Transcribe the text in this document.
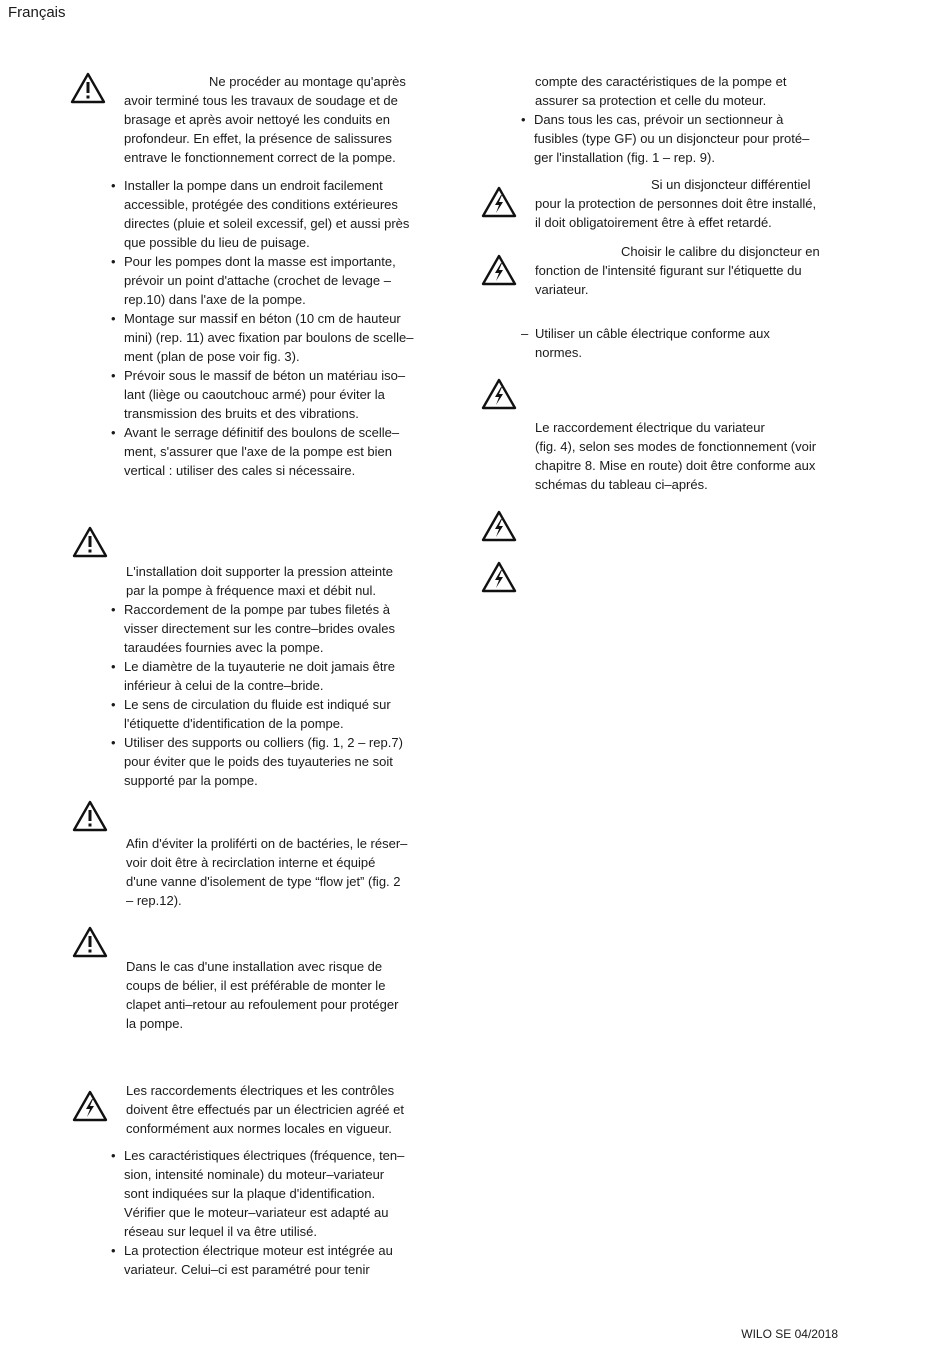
Français

Ne procéder au montage qu'après

avoir terminé tous les travaux de soudage et de

brasage et après avoir nettoyé les conduits en

profondeur. En effet, la présence de salissures

entrave le fonctionnement correct de la pompe.

• Installer la pompe dans un endroit facilement

accessible, protégée des conditions extérieures

directes (pluie et soleil excessif, gel) et aussi près

que possible du lieu de puisage.

• Pour les pompes dont la masse est importante,

prévoir un point d'attache (crochet de levage –

rep.10) dans l'axe de la pompe.

• Montage sur massif en béton (10 cm de hauteur

mini) (rep. 11) avec fixation par boulons de scelle–

ment (plan de pose voir fig. 3).

• Prévoir sous le massif de béton un matériau iso–

lant (liège ou caoutchouc armé) pour éviter la

transmission des bruits et des vibrations.

• Avant le serrage définitif des boulons de scelle–

ment, s'assurer que l'axe de la pompe est bien

vertical : utiliser des cales si nécessaire.

L'installation doit supporter la pression atteinte

par la pompe à fréquence maxi et débit nul.

• Raccordement de la pompe par tubes filetés à

visser directement sur les contre–brides ovales

taraudées fournies avec la pompe.

• Le diamètre de la tuyauterie ne doit jamais être

inférieur à celui de la contre–bride.

• Le sens de circulation du fluide est indiqué sur

l'étiquette d'identification de la pompe.

• Utiliser des supports ou colliers (fig. 1, 2 – rep.7)

pour éviter que le poids des tuyauteries ne soit

supporté par la pompe.

Afin d'éviter la proliférti on de bactéries, le réser–

voir doit être à recirclation interne et équipé

d'une vanne d'isolement de type “flow jet” (fig. 2

– rep.12).

Dans le cas d'une installation avec risque de

coups de bélier, il est préférable de monter le

clapet anti–retour au refoulement pour protéger

la pompe.

Les raccordements électriques et les contrôles

doivent être effectués par un électricien agréé et

conformément aux normes locales en vigueur.

• Les caractéristiques électriques (fréquence, ten–

sion, intensité nominale) du moteur–variateur

sont indiquées sur la plaque d'identification.

Vérifier que le moteur–variateur est adapté au

réseau sur lequel il va être utilisé.

• La protection électrique moteur est intégrée au

variateur. Celui–ci est paramétré pour tenir

compte des caractéristiques de la pompe et

assurer sa protection et celle du moteur.

• Dans tous les cas, prévoir un sectionneur à

fusibles (type GF) ou un disjoncteur pour proté–

ger l'installation (fig. 1 – rep. 9).

Si un disjoncteur différentiel

pour la protection de personnes doit être installé,

il doit obligatoirement être à effet retardé.

Choisir le calibre du disjoncteur en

fonction de l'intensité figurant sur l'étiquette du

variateur.

– Utiliser un câble électrique conforme aux

normes.

Le raccordement électrique du variateur

(fig. 4), selon ses modes de fonctionnement (voir

chapitre 8. Mise en route) doit être conforme aux

schémas du tableau ci–aprés.

WILO SE 04/2018
